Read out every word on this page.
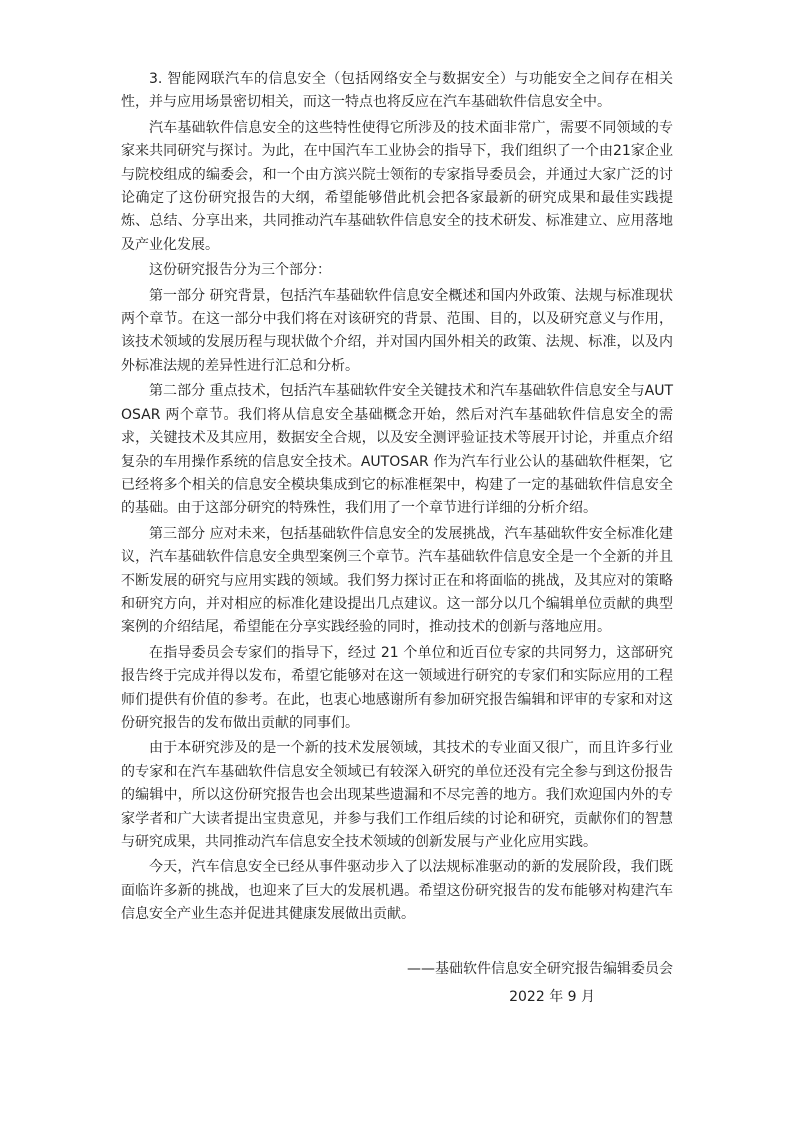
3. 智能网联汽车的信息安全（包括网络安全与数据安全）与功能安全之间存在相关性，并与应用场景密切相关，而这一特点也将反应在汽车基础软件信息安全中。

汽车基础软件信息安全的这些特性使得它所涉及的技术面非常广，需要不同领域的专家来共同研究与探讨。为此，在中国汽车工业协会的指导下，我们组织了一个由21家企业与院校组成的编委会，和一个由方滨兴院士领衔的专家指导委员会，并通过大家广泛的讨论确定了这份研究报告的大纲，希望能够借此机会把各家最新的研究成果和最佳实践提炼、总结、分享出来，共同推动汽车基础软件信息安全的技术研发、标准建立、应用落地及产业化发展。

这份研究报告分为三个部分：

第一部分 研究背景，包括汽车基础软件信息安全概述和国内外政策、法规与标准现状两个章节。在这一部分中我们将在对该研究的背景、范围、目的，以及研究意义与作用，该技术领域的发展历程与现状做个介绍，并对国内国外相关的政策、法规、标准，以及内外标准法规的差异性进行汇总和分析。

第二部分 重点技术，包括汽车基础软件安全关键技术和汽车基础软件信息安全与AUTOSAR 两个章节。我们将从信息安全基础概念开始，然后对汽车基础软件信息安全的需求，关键技术及其应用，数据安全合规，以及安全测评验证技术等展开讨论，并重点介绍复杂的车用操作系统的信息安全技术。AUTOSAR 作为汽车行业公认的基础软件框架，它已经将多个相关的信息安全模块集成到它的标准框架中，构建了一定的基础软件信息安全的基础。由于这部分研究的特殊性，我们用了一个章节进行详细的分析介绍。

第三部分 应对未来，包括基础软件信息安全的发展挑战，汽车基础软件安全标准化建议，汽车基础软件信息安全典型案例三个章节。汽车基础软件信息安全是一个全新的并且不断发展的研究与应用实践的领域。我们努力探讨正在和将面临的挑战，及其应对的策略和研究方向，并对相应的标准化建设提出几点建议。这一部分以几个编辑单位贡献的典型案例的介绍结尾，希望能在分享实践经验的同时，推动技术的创新与落地应用。

在指导委员会专家们的指导下，经过 21 个单位和近百位专家的共同努力，这部研究报告终于完成并得以发布，希望它能够对在这一领域进行研究的专家们和实际应用的工程师们提供有价值的参考。在此，也衷心地感谢所有参加研究报告编辑和评审的专家和对这份研究报告的发布做出贡献的同事们。

由于本研究涉及的是一个新的技术发展领域，其技术的专业面又很广，而且许多行业的专家和在汽车基础软件信息安全领域已有较深入研究的单位还没有完全参与到这份报告的编辑中，所以这份研究报告也会出现某些遗漏和不尽完善的地方。我们欢迎国内外的专家学者和广大读者提出宝贵意见，并参与我们工作组后续的讨论和研究，贡献你们的智慧与研究成果，共同推动汽车信息安全技术领域的创新发展与产业化应用实践。

今天，汽车信息安全已经从事件驱动步入了以法规标准驱动的新的发展阶段，我们既面临许多新的挑战，也迎来了巨大的发展机遇。希望这份研究报告的发布能够对构建汽车信息安全产业生态并促进其健康发展做出贡献。

——基础软件信息安全研究报告编辑委员会
2022 年 9 月
